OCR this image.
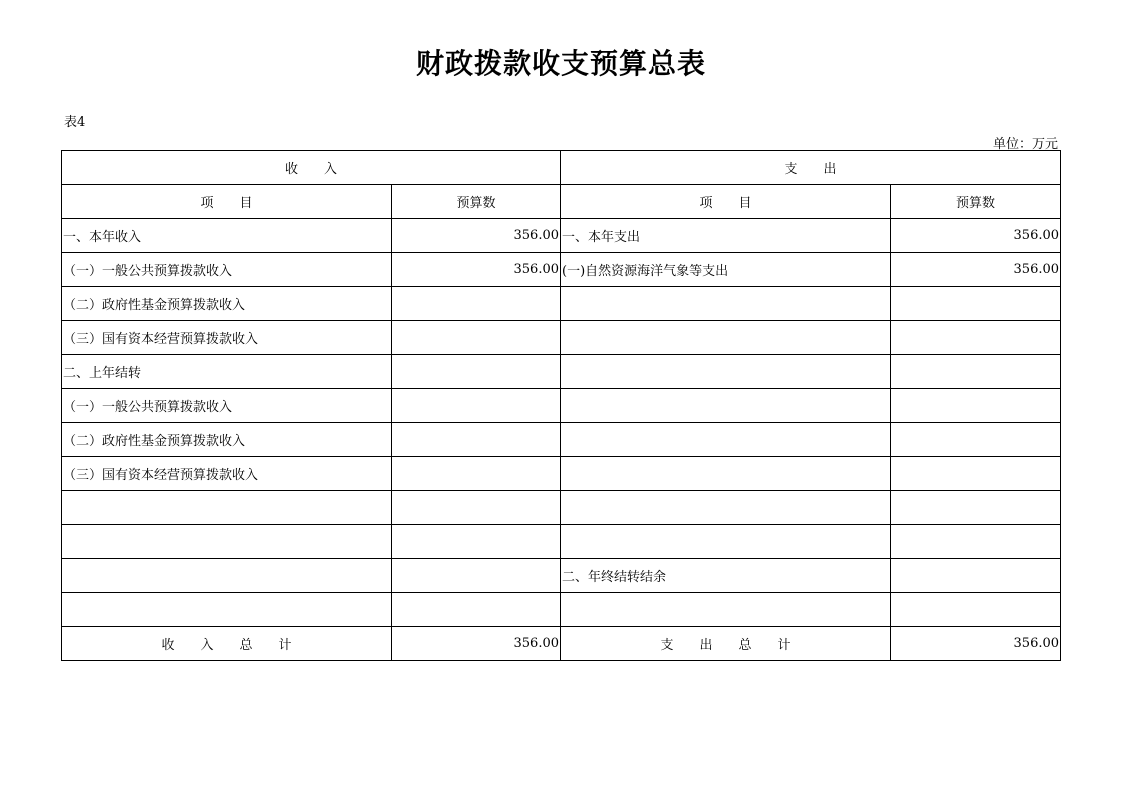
财政拨款收支预算总表
表4
单位：万元
收　　入		支　　出	
项　　目	预算数	项　　目	预算数
一、本年收入	356.00	一、本年支出	356.00
（一）一般公共预算拨款收入	356.00	(一)自然资源海洋气象等支出	356.00
（二）政府性基金预算拨款收入			
（三）国有资本经营预算拨款收入			
二、上年结转			
（一）一般公共预算拨款收入			
（二）政府性基金预算拨款收入			
（三）国有资本经营预算拨款收入			

		二、年终结转结余	

收　　入　　总　　计	356.00	支　　出　　总　　计	356.00
